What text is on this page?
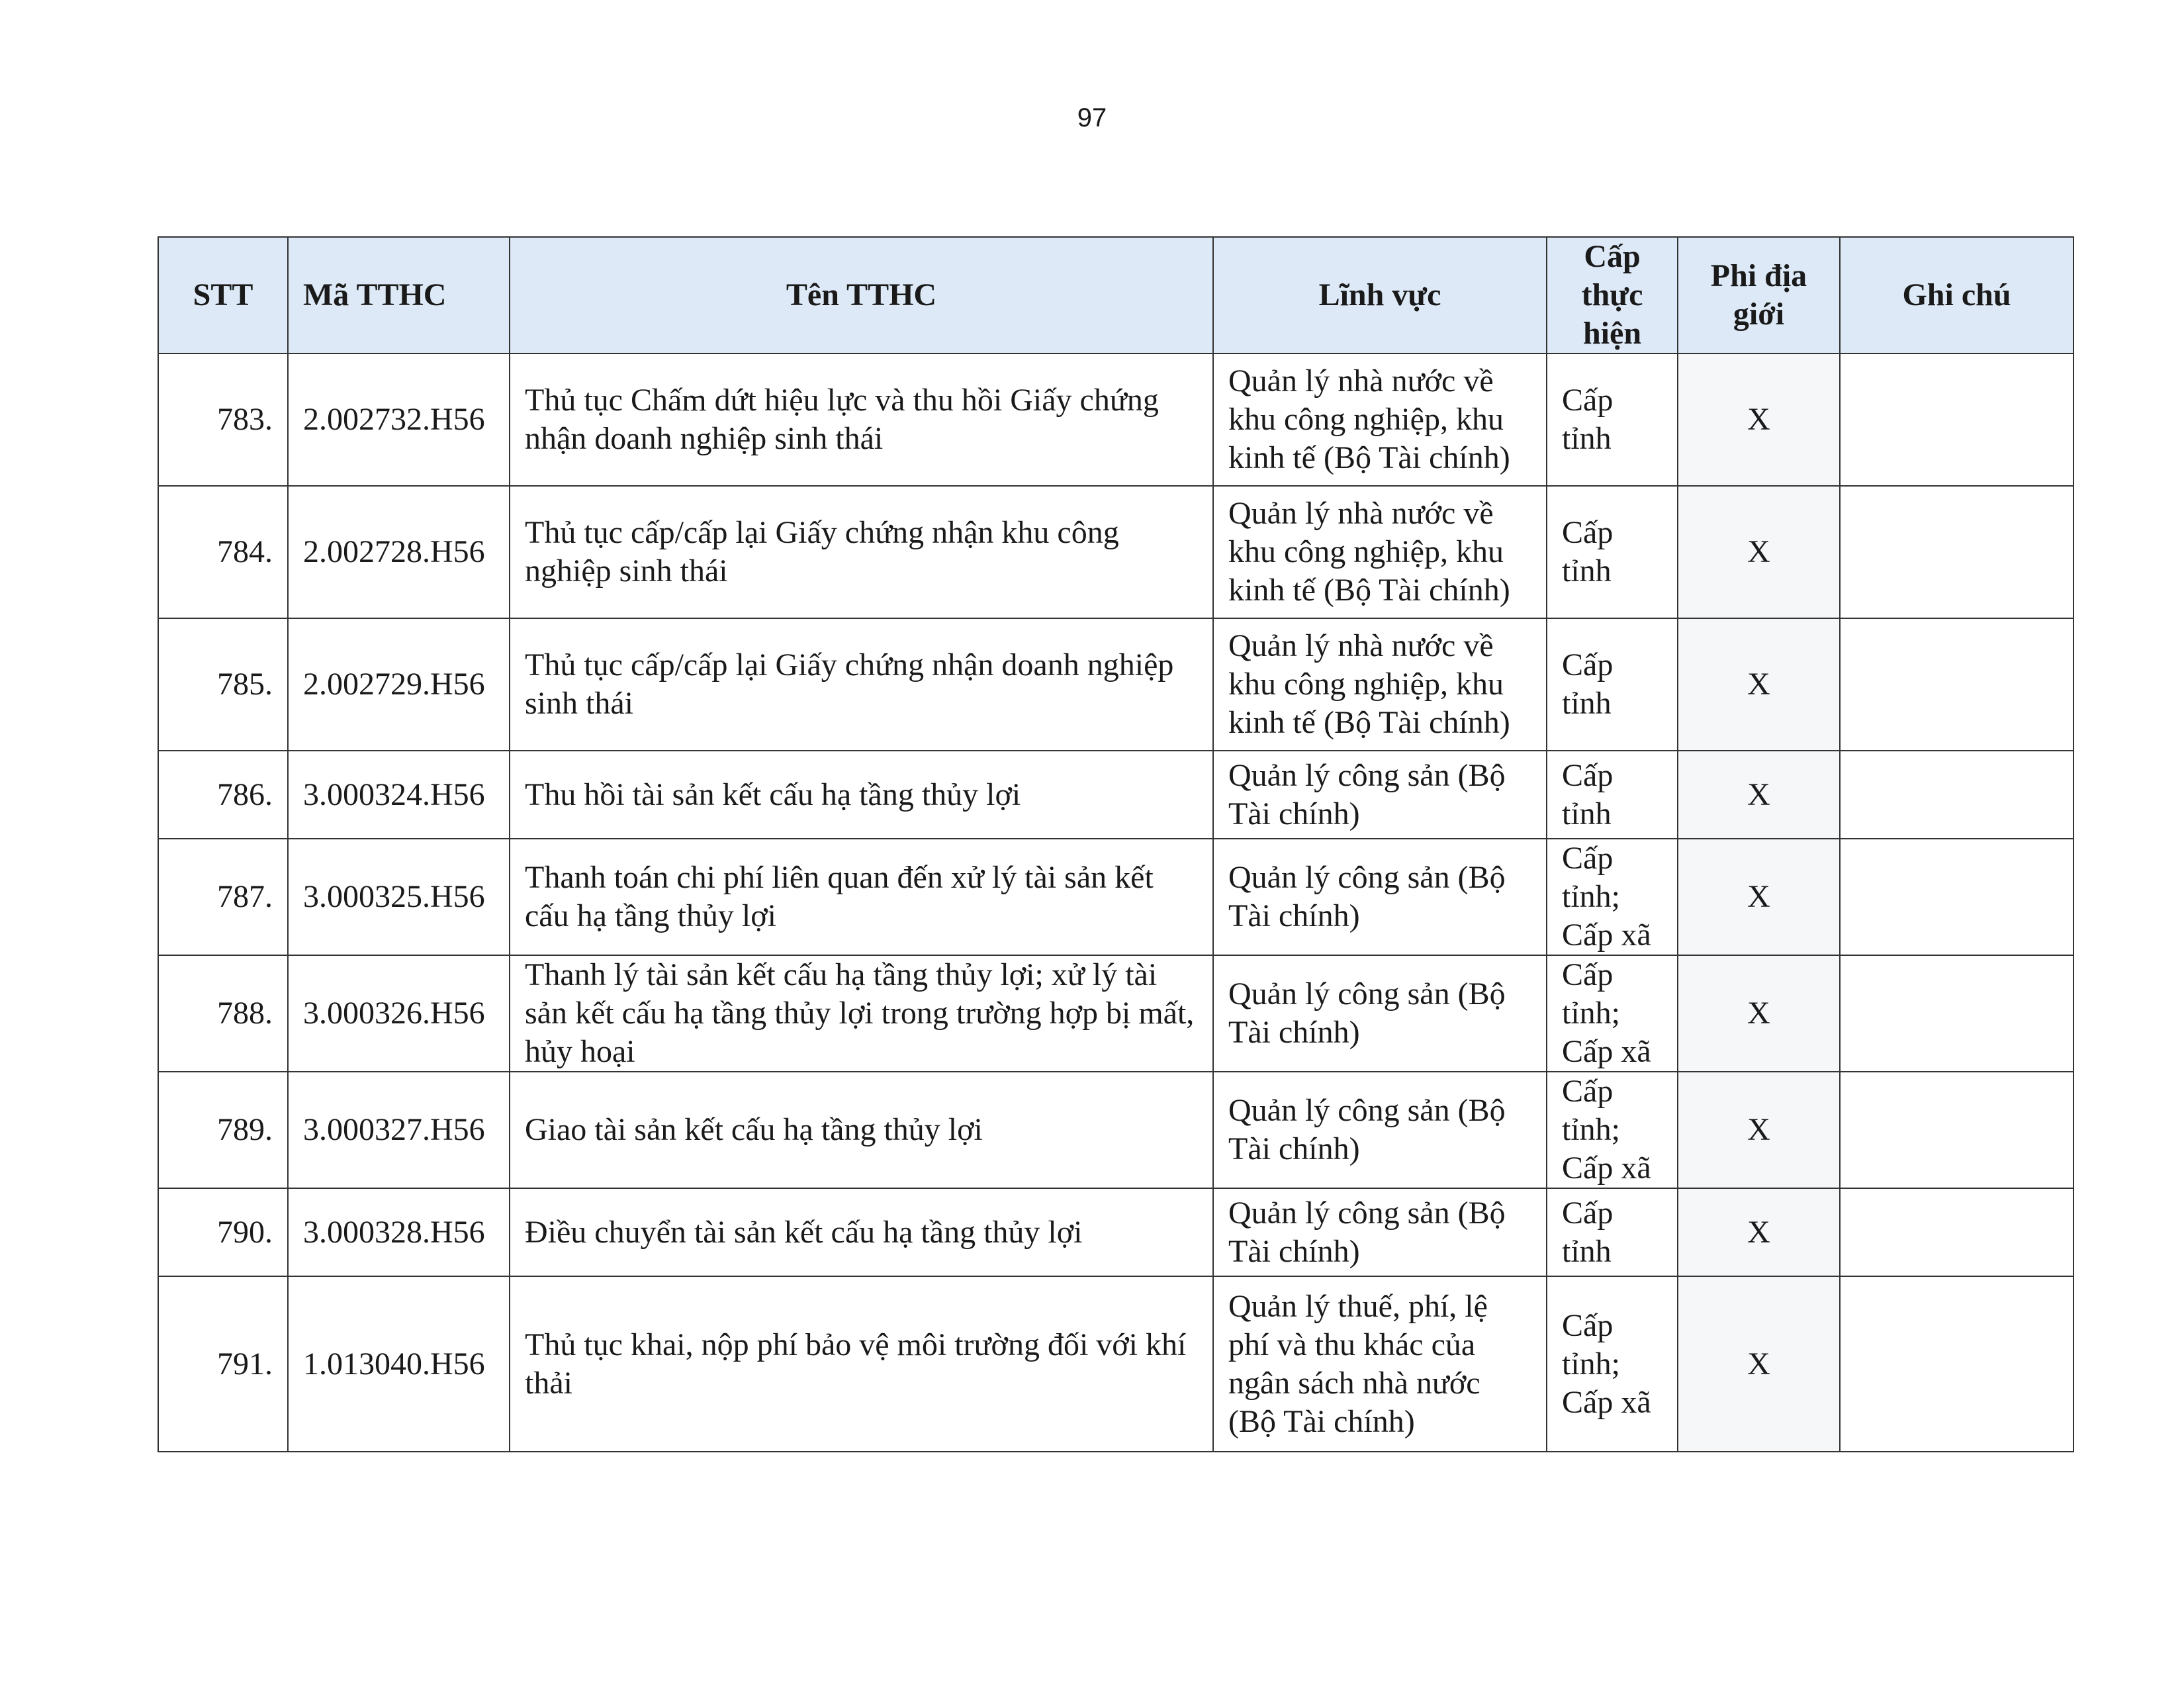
97
STT	Mã TTHC	Tên TTHC	Lĩnh vực	Cấp thực hiện	Phi địa giới	Ghi chú
783.	2.002732.H56	Thủ tục Chấm dứt hiệu lực và thu hồi Giấy chứng nhận doanh nghiệp sinh thái	Quản lý nhà nước về khu công nghiệp, khu kinh tế (Bộ Tài chính)	Cấp tỉnh	X	
784.	2.002728.H56	Thủ tục cấp/cấp lại Giấy chứng nhận khu công nghiệp sinh thái	Quản lý nhà nước về khu công nghiệp, khu kinh tế (Bộ Tài chính)	Cấp tỉnh	X	
785.	2.002729.H56	Thủ tục cấp/cấp lại Giấy chứng nhận doanh nghiệp sinh thái	Quản lý nhà nước về khu công nghiệp, khu kinh tế (Bộ Tài chính)	Cấp tỉnh	X	
786.	3.000324.H56	Thu hồi tài sản kết cấu hạ tầng thủy lợi	Quản lý công sản (Bộ Tài chính)	Cấp tỉnh	X	
787.	3.000325.H56	Thanh toán chi phí liên quan đến xử lý tài sản kết cấu hạ tầng thủy lợi	Quản lý công sản (Bộ Tài chính)	Cấp tỉnh; Cấp xã	X	
788.	3.000326.H56	Thanh lý tài sản kết cấu hạ tầng thủy lợi; xử lý tài sản kết cấu hạ tầng thủy lợi trong trường hợp bị mất, hủy hoại	Quản lý công sản (Bộ Tài chính)	Cấp tỉnh; Cấp xã	X	
789.	3.000327.H56	Giao tài sản kết cấu hạ tầng thủy lợi	Quản lý công sản (Bộ Tài chính)	Cấp tỉnh; Cấp xã	X	
790.	3.000328.H56	Điều chuyển tài sản kết cấu hạ tầng thủy lợi	Quản lý công sản (Bộ Tài chính)	Cấp tỉnh	X	
791.	1.013040.H56	Thủ tục khai, nộp phí bảo vệ môi trường đối với khí thải	Quản lý thuế, phí, lệ phí và thu khác của ngân sách nhà nước (Bộ Tài chính)	Cấp tỉnh; Cấp xã	X	
